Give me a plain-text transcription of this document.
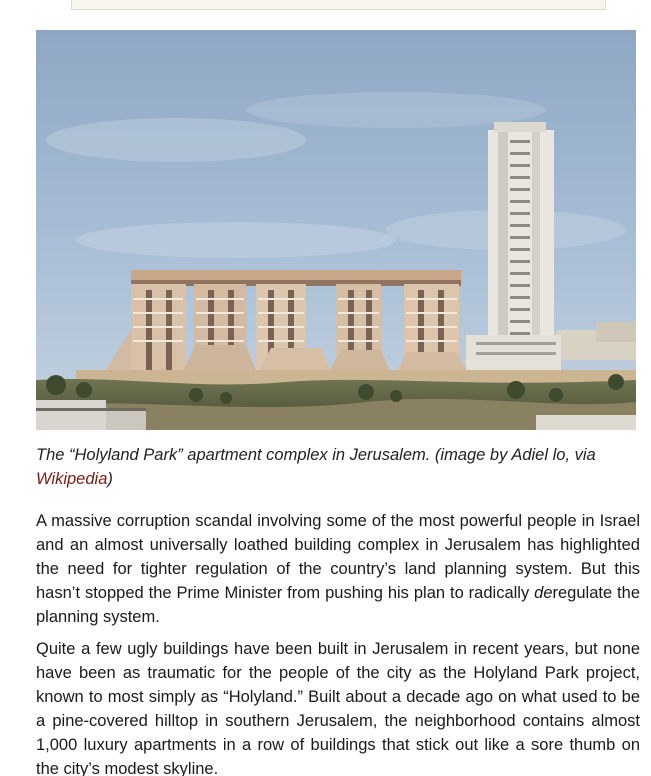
The “Holyland Park” apartment complex in Jerusalem. (image by Adiel lo, via Wikipedia)

A massive corruption scandal involving some of the most powerful people in Israel and an almost universally loathed building complex in Jerusalem has highlighted the need for tighter regulation of the country’s land planning system. But this hasn’t stopped the Prime Minister from pushing his plan to radically deregulate the planning system.

Quite a few ugly buildings have been built in Jerusalem in recent years, but none have been as traumatic for the people of the city as the Holyland Park project, known to most simply as “Holyland.” Built about a decade ago on what used to be a pine-covered hilltop in southern Jerusalem, the neighborhood contains almost 1,000 luxury apartments in a row of buildings that stick out like a sore thumb on the city’s modest skyline.
